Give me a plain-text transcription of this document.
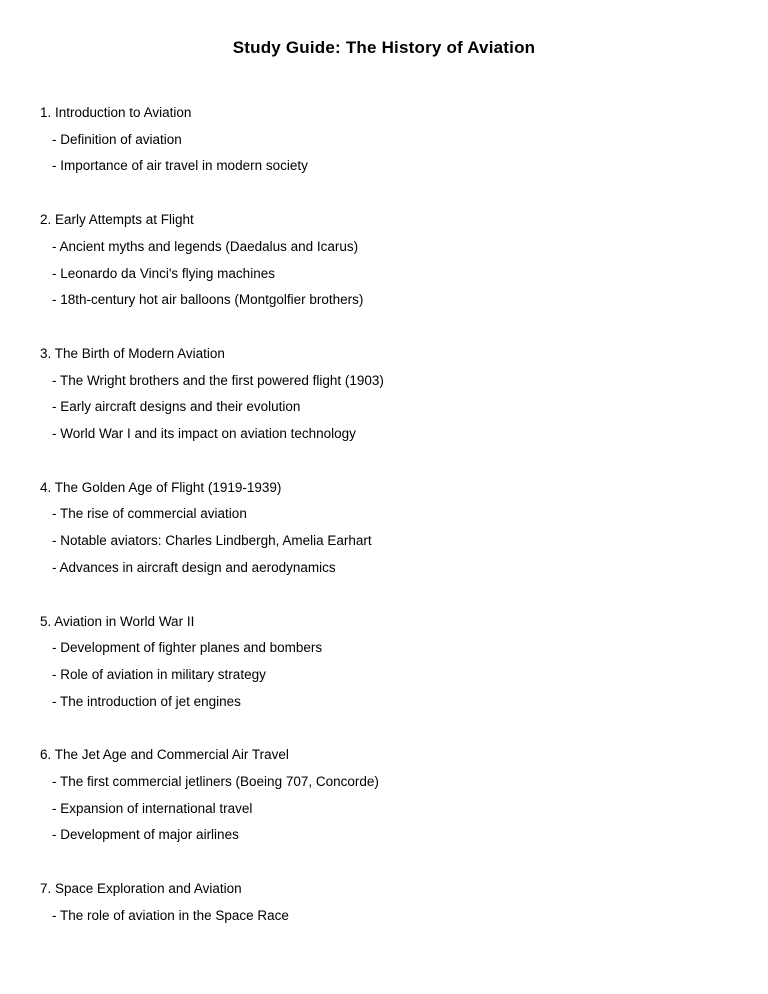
Study Guide: The History of Aviation
1. Introduction to Aviation
- Definition of aviation
- Importance of air travel in modern society
2. Early Attempts at Flight
- Ancient myths and legends (Daedalus and Icarus)
- Leonardo da Vinci's flying machines
- 18th-century hot air balloons (Montgolfier brothers)
3. The Birth of Modern Aviation
- The Wright brothers and the first powered flight (1903)
- Early aircraft designs and their evolution
- World War I and its impact on aviation technology
4. The Golden Age of Flight (1919-1939)
- The rise of commercial aviation
- Notable aviators: Charles Lindbergh, Amelia Earhart
- Advances in aircraft design and aerodynamics
5. Aviation in World War II
- Development of fighter planes and bombers
- Role of aviation in military strategy
- The introduction of jet engines
6. The Jet Age and Commercial Air Travel
- The first commercial jetliners (Boeing 707, Concorde)
- Expansion of international travel
- Development of major airlines
7. Space Exploration and Aviation
- The role of aviation in the Space Race
